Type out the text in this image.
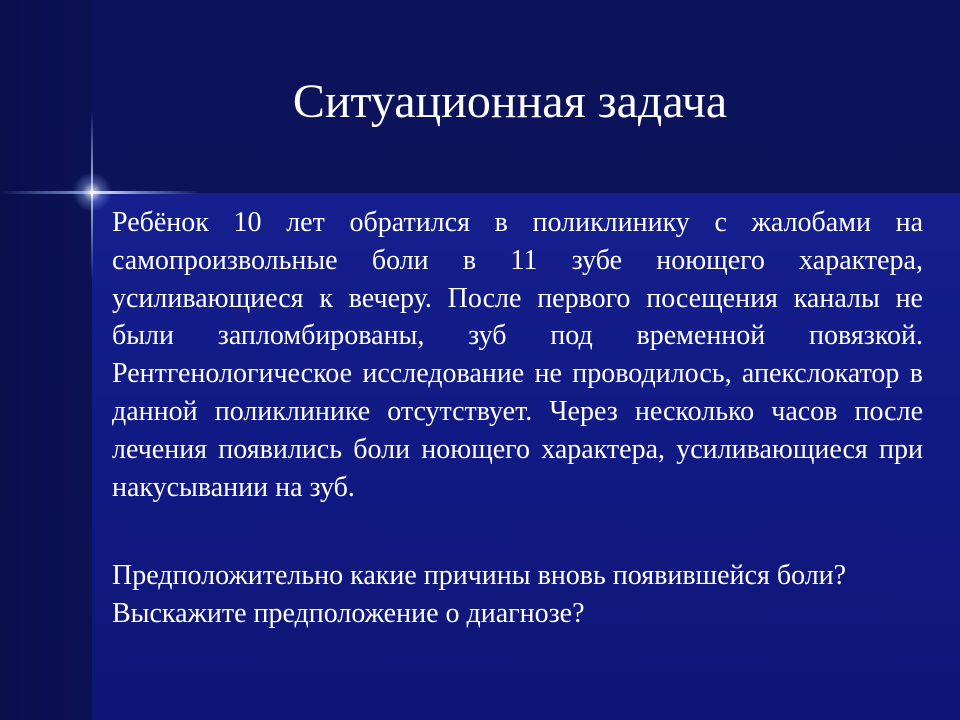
Ситуационная задача

Ребёнок 10 лет обратился в поликлинику с жалобами на самопроизвольные боли в 11 зубе ноющего характера, усиливающиеся к вечеру. После первого посещения каналы не были запломбированы, зуб под временной повязкой. Рентгенологическое исследование не проводилось, апекслокатор в данной поликлинике отсутствует. Через несколько часов после лечения появились боли ноющего характера, усиливающиеся при накусывании на зуб.

Предположительно какие причины вновь появившейся боли?

Выскажите предположение о диагнозе?
